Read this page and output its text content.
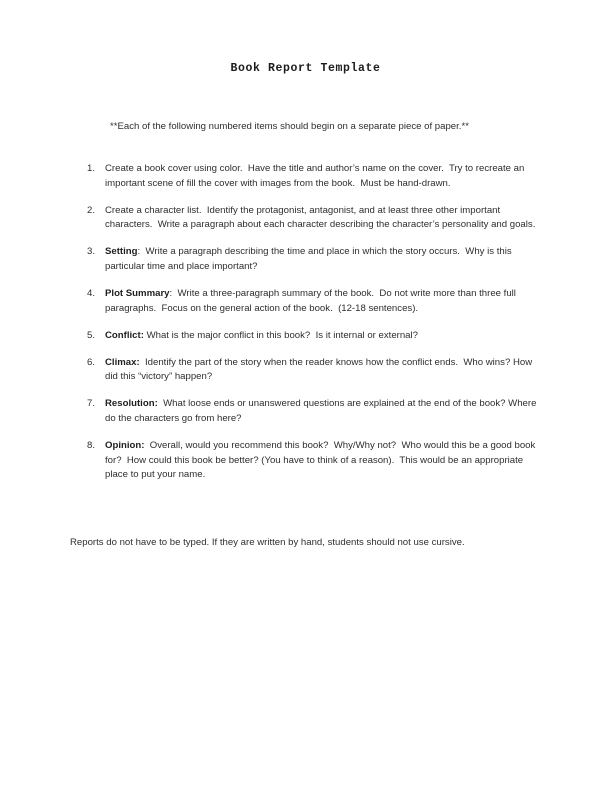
Book Report Template
**Each of the following numbered items should begin on a separate piece of paper.**
1.	Create a book cover using color.  Have the title and author’s name on the cover.  Try to recreate an important scene of fill the cover with images from the book.  Must be hand-drawn.
2.	Create a character list.  Identify the protagonist, antagonist, and at least three other important characters.  Write a paragraph about each character describing the character’s personality and goals.
3.	Setting:  Write a paragraph describing the time and place in which the story occurs.  Why is this particular time and place important?
4.	Plot Summary:  Write a three-paragraph summary of the book.  Do not write more than three full paragraphs.  Focus on the general action of the book.  (12-18 sentences).
5.	Conflict: What is the major conflict in this book?  Is it internal or external?
6.	Climax:  Identify the part of the story when the reader knows how the conflict ends.  Who wins? How did this “victory” happen?
7.	Resolution:  What loose ends or unanswered questions are explained at the end of the book? Where do the characters go from here?
8.	Opinion:  Overall, would you recommend this book?  Why/Why not?  Who would this be a good book for?  How could this book be better? (You have to think of a reason).  This would be an appropriate place to put your name.
Reports do not have to be typed. If they are written by hand, students should not use cursive.
